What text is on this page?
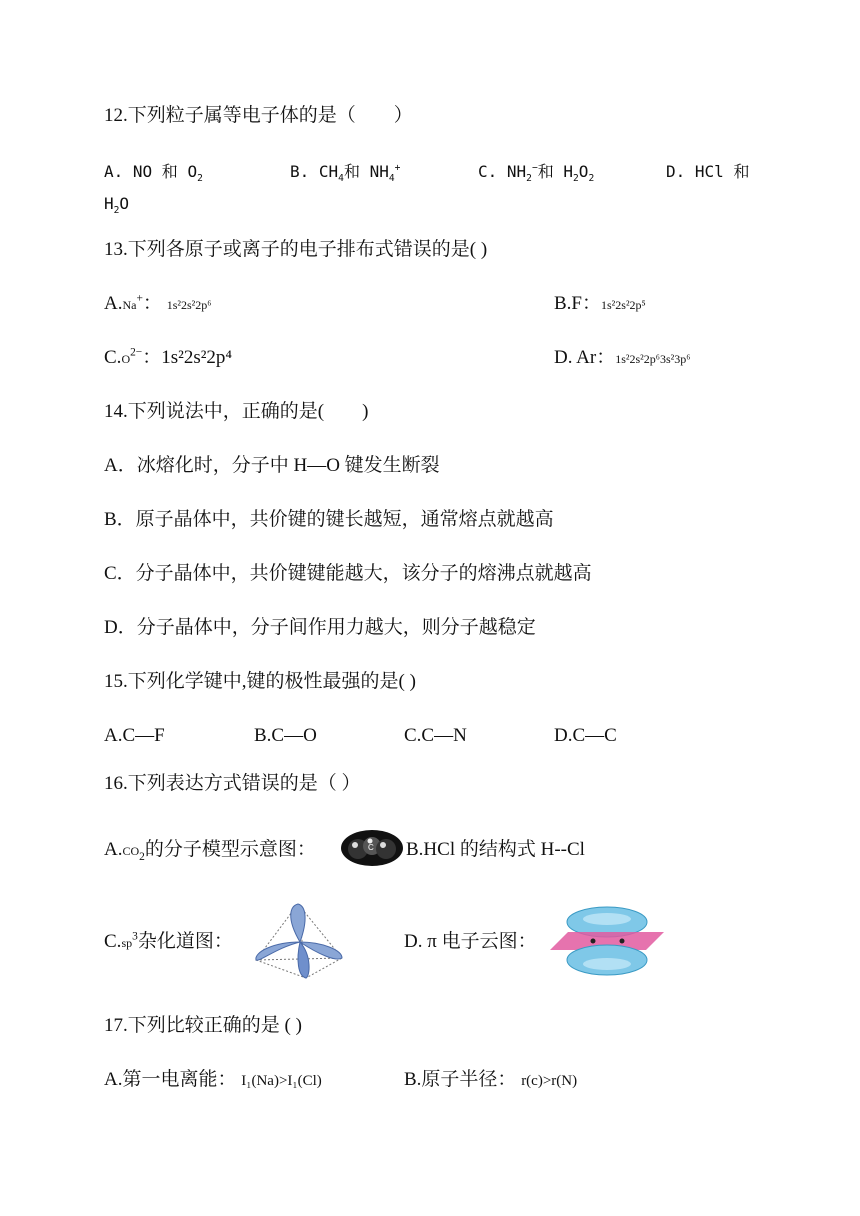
12.下列粒子属等电子体的是（　　）
A. NO 和 $O_2$	B. $CH_4$和 $NH_4^+$	C. $NH_2^-$和 $H_2O_2$	D. HCl 和
$H_2O$
13.下列各原子或离子的电子排布式错误的是( )
A.Na+： 1s²2s²2p⁶	B.F：1s²2s²2p⁵
$C.O^{2-}$：1s²2s²2p⁴	D. Ar：1s²2s²2p⁶3s²3p⁶
14.下列说法中，正确的是(　　)
A．冰熔化时，分子中 H—O 键发生断裂
B．原子晶体中，共价键的键长越短，通常熔点就越高
C．分子晶体中，共价键键能越大，该分子的熔沸点就越高
D．分子晶体中，分子间作用力越大，则分子越稳定
15.下列化学键中,键的极性最强的是( )
A.C—F	B.C—O	C.C—N	D.C—C
16.下列表达方式错误的是（ ）
$A.CO_2$的分子模型示意图：	C B.HCl 的结构式 H--Cl
$C.sp^3$杂化道图：	D. π 电子云图：
17.下列比较正确的是 ( )
A.第一电离能： I₁(Na)>I₁(Cl)	B.原子半径： r(c)>r(N)
